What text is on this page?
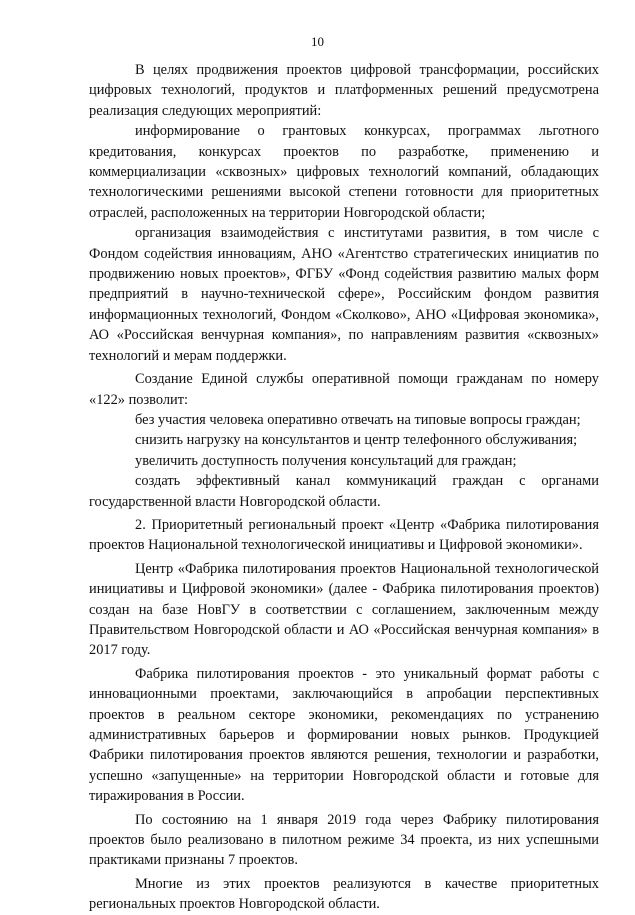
10

В целях продвижения проектов цифровой трансформации, российских цифровых технологий, продуктов и платформенных решений предусмотрена реализация следующих мероприятий:

информирование о грантовых конкурсах, программах льготного кредитования, конкурсах проектов по разработке, применению и коммерциализации «сквозных» цифровых технологий компаний, обладающих технологическими решениями высокой степени готовности для приоритетных отраслей, расположенных на территории Новгородской области;

организация взаимодействия с институтами развития, в том числе с Фондом содействия инновациям, АНО «Агентство стратегических инициатив по продвижению новых проектов», ФГБУ «Фонд содействия развитию малых форм предприятий в научно-технической сфере», Российским фондом развития информационных технологий, Фондом «Сколково», АНО «Цифровая экономика», АО «Российская венчурная компания», по направлениям развития «сквозных» технологий и мерам поддержки.

Создание Единой службы оперативной помощи гражданам по номеру «122» позволит:

без участия человека оперативно отвечать на типовые вопросы граждан;

снизить нагрузку на консультантов и центр телефонного обслуживания;

увеличить доступность получения консультаций для граждан;

создать эффективный канал коммуникаций граждан с органами государственной власти Новгородской области.

2. Приоритетный региональный проект «Центр «Фабрика пилотирования проектов Национальной технологической инициативы и Цифровой экономики».

Центр «Фабрика пилотирования проектов Национальной технологической инициативы и Цифровой экономики» (далее - Фабрика пилотирования проектов) создан на базе НовГУ в соответствии с соглашением, заключенным между Правительством Новгородской области и АО «Российская венчурная компания» в 2017 году.

Фабрика пилотирования проектов - это уникальный формат работы с инновационными проектами, заключающийся в апробации перспективных проектов в реальном секторе экономики, рекомендациях по устранению административных барьеров и формировании новых рынков. Продукцией Фабрики пилотирования проектов являются решения, технологии и разработки, успешно «запущенные» на территории Новгородской области и готовые для тиражирования в России.

По состоянию на 1 января 2019 года через Фабрику пилотирования проектов было реализовано в пилотном режиме 34 проекта, из них успешными практиками признаны 7 проектов.

Многие из этих проектов реализуются в качестве приоритетных региональных проектов Новгородской области.
